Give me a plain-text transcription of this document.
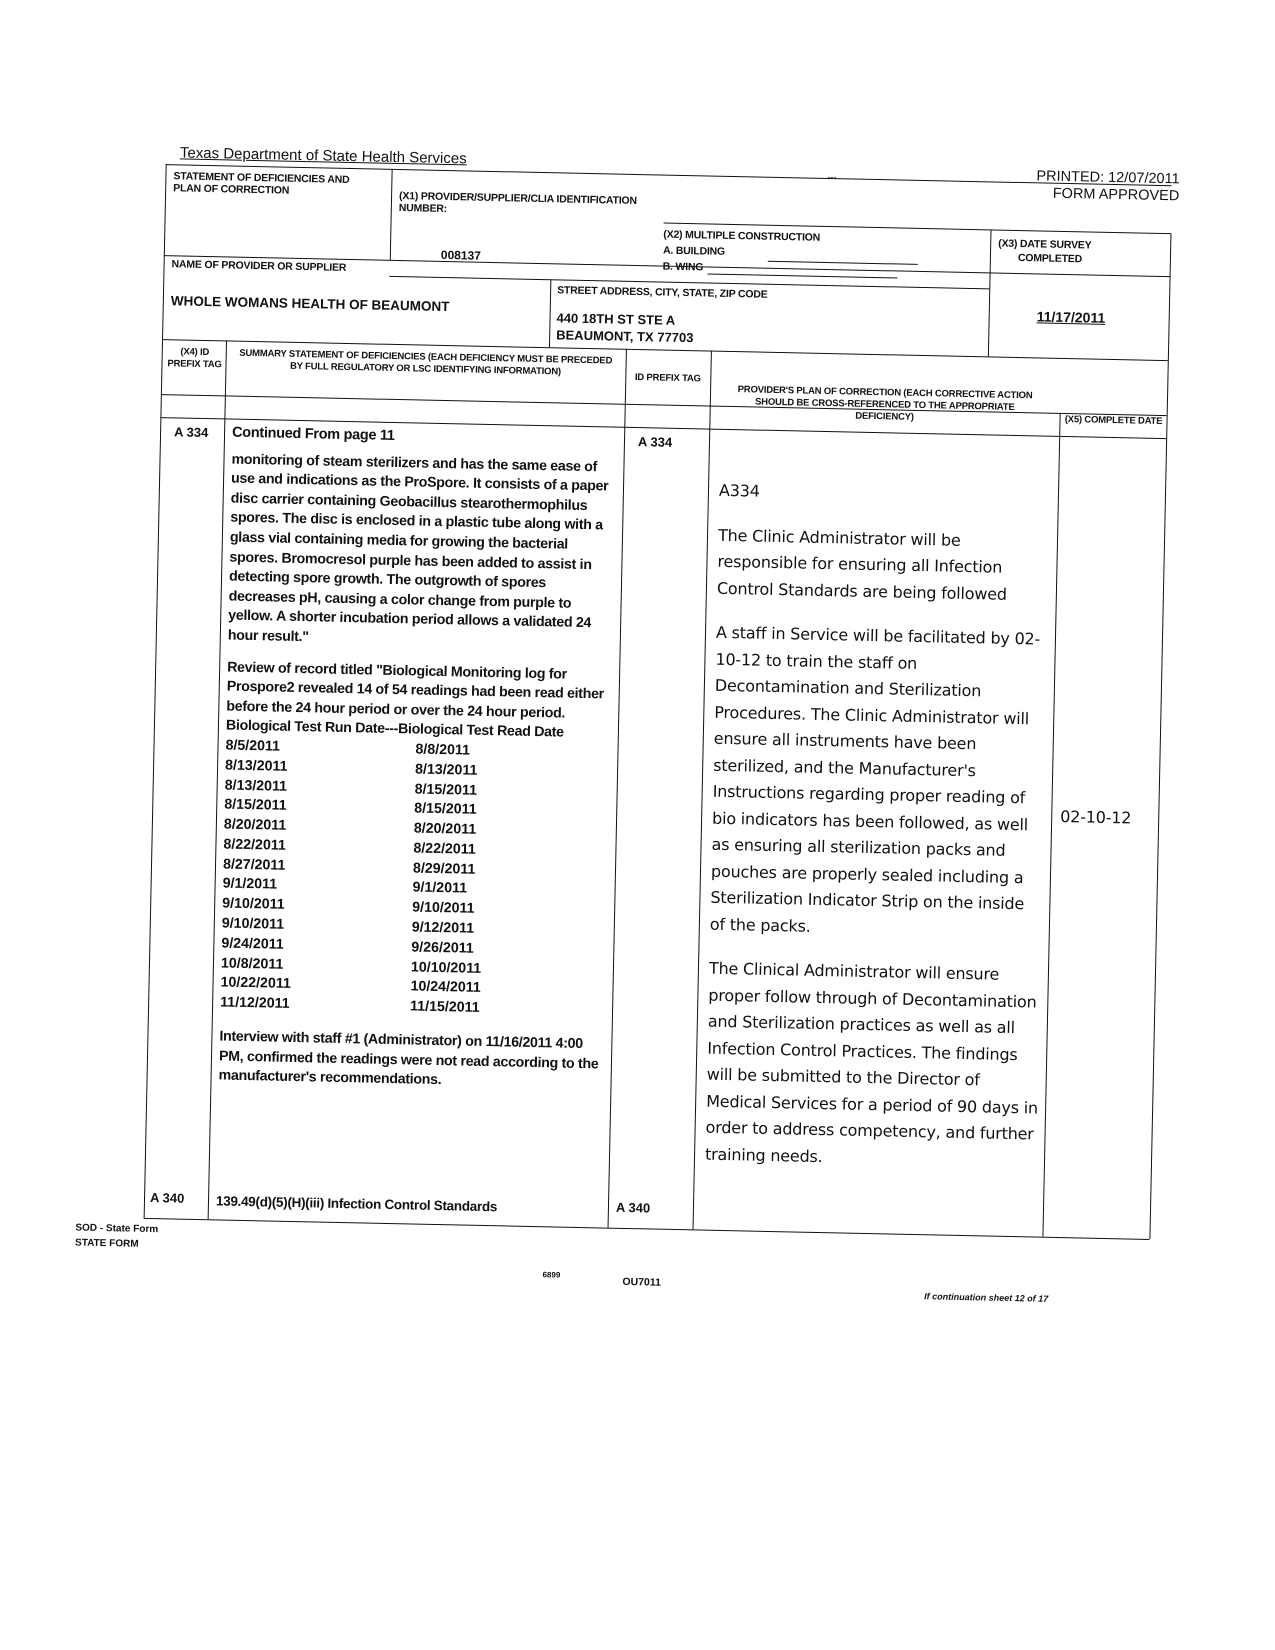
Texas Department of State Health Services
---	PRINTED: 12/07/2011
FORM APPROVED
STATEMENT OF DEFICIENCIES AND PLAN OF CORRECTION
(X1) PROVIDER/SUPPLIER/CLIA IDENTIFICATION NUMBER:
008137
(X2) MULTIPLE CONSTRUCTION
A. BUILDING
B. WING
(X3) DATE SURVEY
COMPLETED
11/17/2011
NAME OF PROVIDER OR SUPPLIER
WHOLE WOMANS HEALTH OF BEAUMONT
STREET ADDRESS, CITY, STATE, ZIP CODE
440 18TH ST STE A
BEAUMONT, TX 77703
(X4) ID PREFIX TAG	SUMMARY STATEMENT OF DEFICIENCIES (EACH DEFICIENCY MUST BE PRECEDED BY FULL REGULATORY OR LSC IDENTIFYING INFORMATION)
ID PREFIX TAG
PROVIDER'S PLAN OF CORRECTION (EACH CORRECTIVE ACTION SHOULD BE CROSS-REFERENCED TO THE APPROPRIATE DEFICIENCY)	(X5) COMPLETE DATE
A 334
A 340
Continued From page 11
monitoring of steam sterilizers and has the same ease of use and indications as the ProSpore. It consists of a paper disc carrier containing Geobacillus stearothermophilus spores. The disc is enclosed in a plastic tube along with a glass vial containing media for growing the bacterial spores. Bromocresol purple has been added to assist in detecting spore growth. The outgrowth of spores decreases pH, causing a color change from purple to yellow. A shorter incubation period allows a validated 24 hour result."
Review of record titled "Biological Monitoring log for Prospore2 revealed 14 of 54 readings had been read either before the 24 hour period or over the 24 hour period.
Biological Test Run Date---Biological Test Read Date
8/5/2011	8/8/2011
8/13/2011	8/13/2011
8/13/2011	8/15/2011
8/15/2011	8/15/2011
8/20/2011	8/20/2011
8/22/2011	8/22/2011
8/27/2011	8/29/2011
9/1/2011	9/1/2011
9/10/2011	9/10/2011
9/10/2011	9/12/2011
9/24/2011	9/26/2011
10/8/2011	10/10/2011
10/22/2011	10/24/2011
11/12/2011	11/15/2011
Interview with staff #1 (Administrator) on 11/16/2011 4:00 PM, confirmed the readings were not read according to the manufacturer's recommendations.
139.49(d)(5)(H)(iii) Infection Control Standards
A 334
A 340

A334

The Clinic Administrator will be responsible for ensuring all Infection Control Standards are being followed

A staff in Service will be facilitated by 02-10-12 to train the staff on Decontamination and Sterilization Procedures. The Clinic Administrator will ensure all instruments have been sterilized, and the Manufacturer's Instructions regarding proper reading of bio indicators has been followed, as well as ensuring all sterilization packs and pouches are properly sealed including a Sterilization Indicator Strip on the inside of the packs.

The Clinical Administrator will ensure proper follow through of Decontamination and Sterilization practices as well as all Infection Control Practices. The findings will be submitted to the Director of Medical Services for a period of 90 days in order to address competency, and further training needs.

02-10-12
SOD - State Form
STATE FORM
6899
OU7011
If continuation sheet 12 of 17
